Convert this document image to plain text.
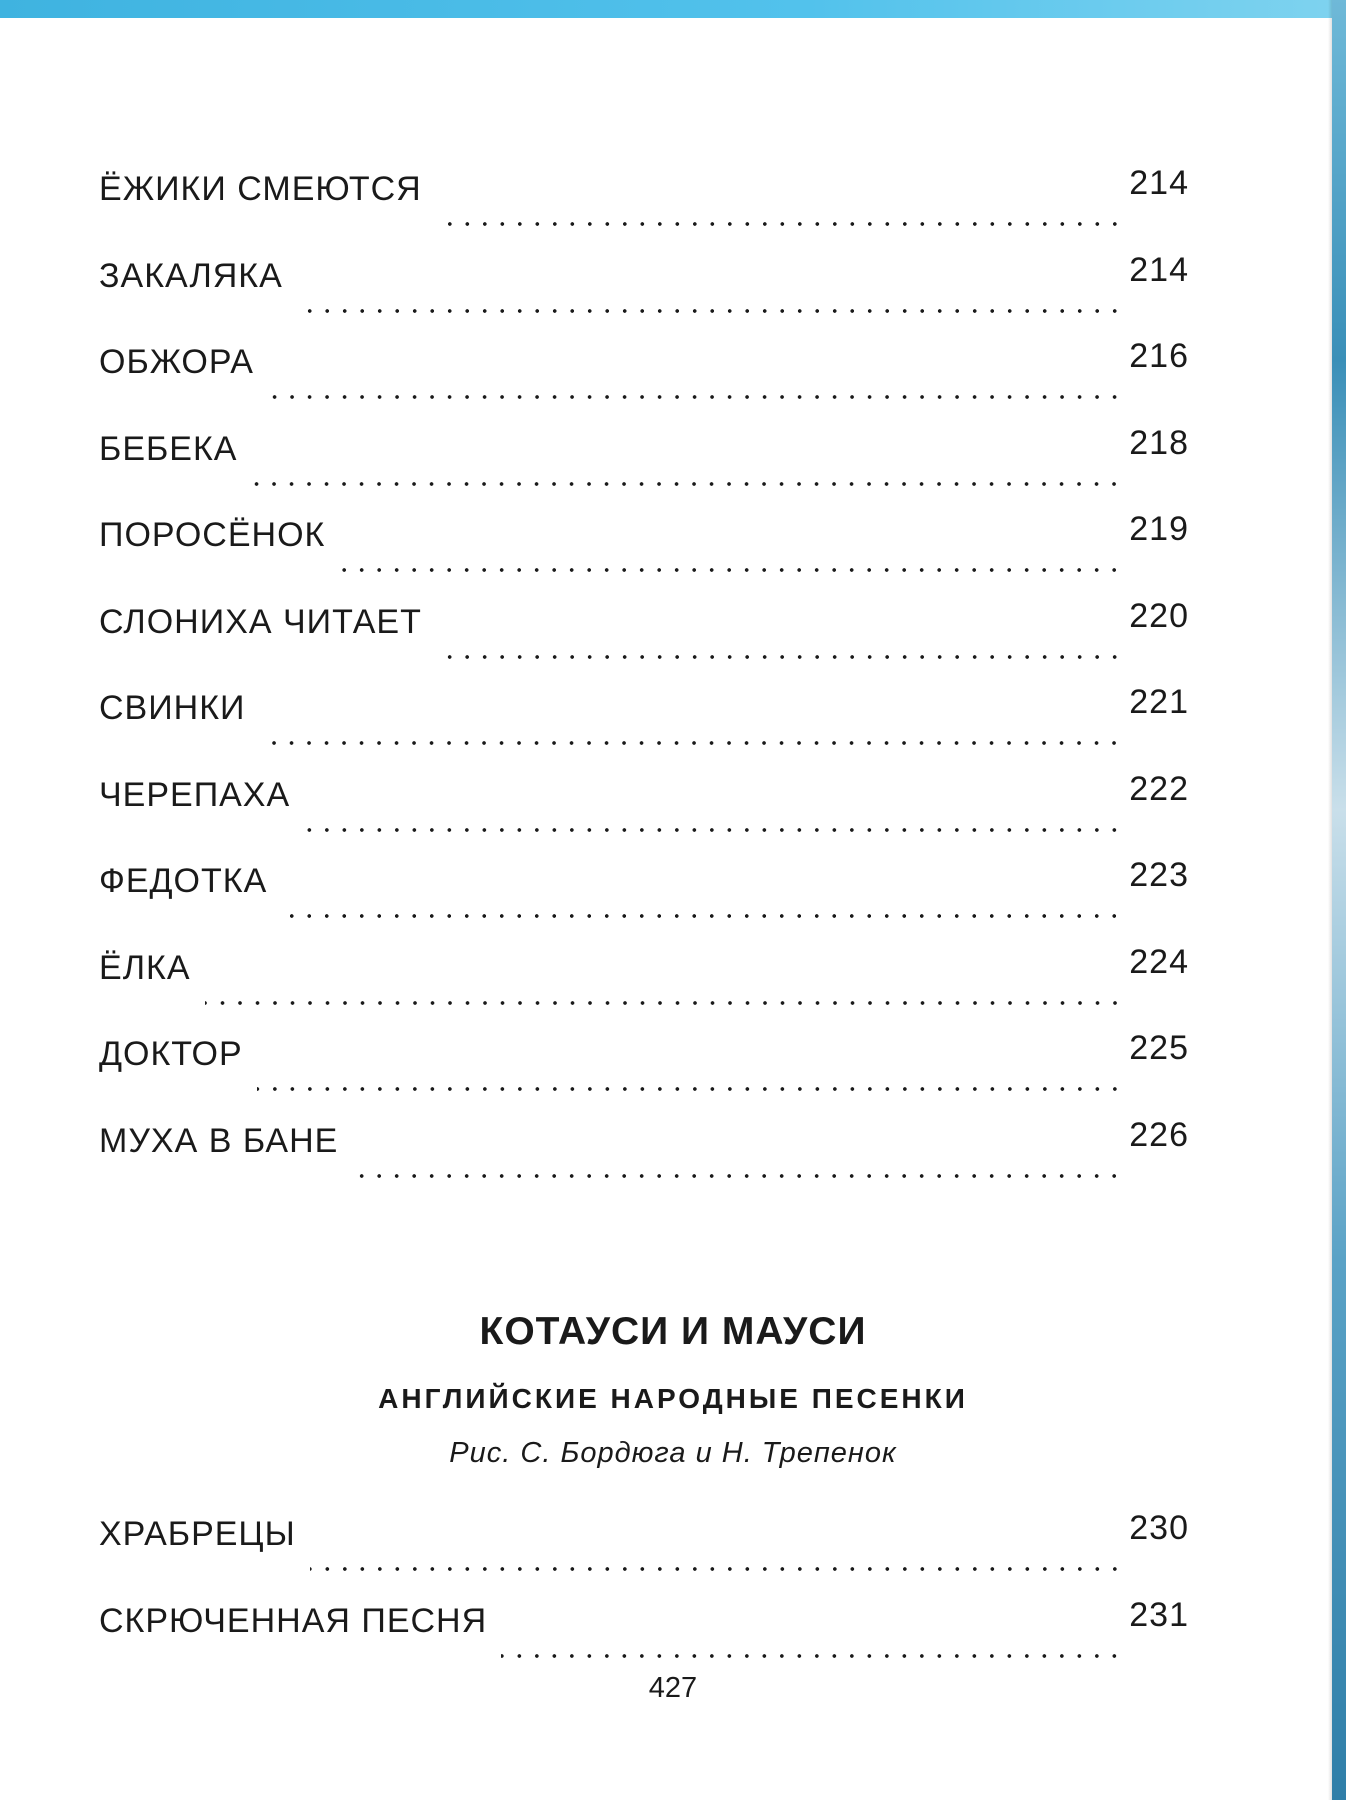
ЁЖИКИ СМЕЮТСЯ	214
ЗАКАЛЯКА	214
ОБЖОРА	216
БЕБЕКА	218
ПОРОСЁНОК	219
СЛОНИХА ЧИТАЕТ	220
СВИНКИ	221
ЧЕРЕПАХА	222
ФЕДОТКА	223
ЁЛКА	224
ДОКТОР	225
МУХА В БАНЕ	226
КОТАУСИ И МАУСИ
АНГЛИЙСКИЕ НАРОДНЫЕ ПЕСЕНКИ
Рис. С. Бордюга и Н. Трепенок
ХРАБРЕЦЫ	230
СКРЮЧЕННАЯ ПЕСНЯ	231
427
